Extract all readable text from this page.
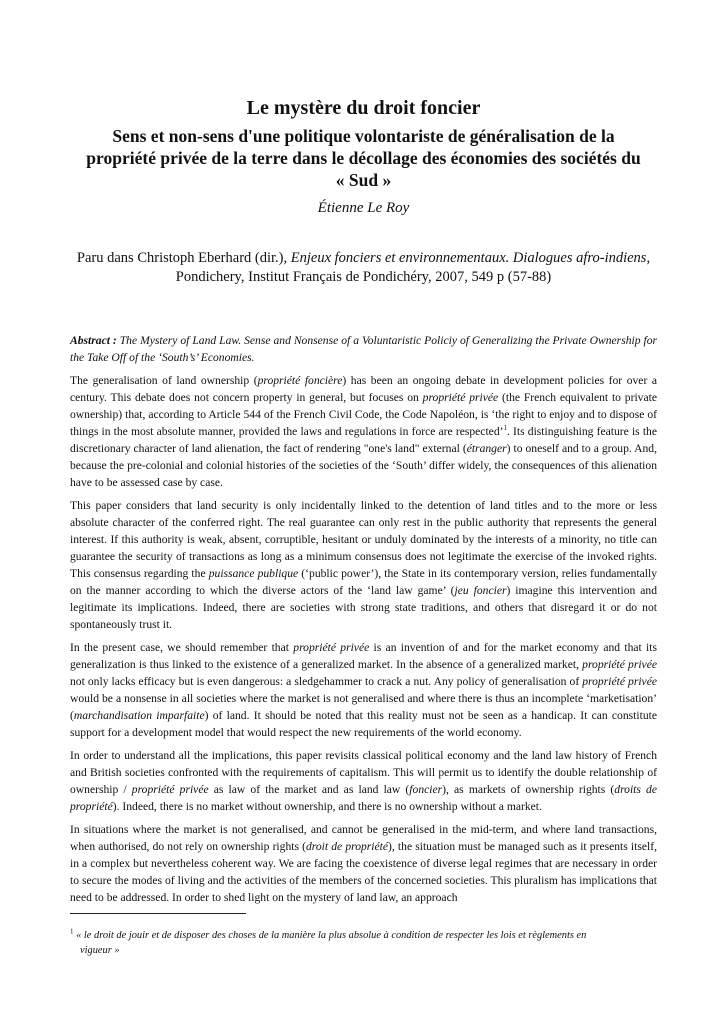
Le mystère du droit foncier
Sens et non-sens d'une politique volontariste de généralisation de la
propriété privée de la terre dans le décollage des économies des sociétés du
« Sud »
Étienne Le Roy
Paru dans Christoph Eberhard (dir.), Enjeux fonciers et environnementaux. Dialogues afro-indiens, Pondichery, Institut Français de Pondichéry, 2007, 549 p (57-88)

Abstract : The Mystery of Land Law. Sense and Nonsense of a Voluntaristic Policiy of Generalizing the Private Ownership for the Take Off of the ‘South’s’ Economies.

The generalisation of land ownership (propriété foncière) has been an ongoing debate in development policies for over a century. This debate does not concern property in general, but focuses on propriété privée (the French equivalent to private ownership) that, according to Article 544 of the French Civil Code, the Code Napoléon, is ‘the right to enjoy and to dispose of things in the most absolute manner, provided the laws and regulations in force are respected’$^1$. Its distinguishing feature is the discretionary character of land alienation, the fact of rendering "one's land" external (étranger) to oneself and to a group. And, because the pre-colonial and colonial histories of the societies of the ‘South’ differ widely, the consequences of this alienation have to be assessed case by case.

This paper considers that land security is only incidentally linked to the detention of land titles and to the more or less absolute character of the conferred right. The real guarantee can only rest in the public authority that represents the general interest. If this authority is weak, absent, corruptible, hesitant or unduly dominated by the interests of a minority, no title can guarantee the security of transactions as long as a minimum consensus does not legitimate the exercise of the invoked rights. This consensus regarding the puissance publique (‘public power’), the State in its contemporary version, relies fundamentally on the manner according to which the diverse actors of the ‘land law game’ (jeu foncier) imagine this intervention and legitimate its implications. Indeed, there are societies with strong state traditions, and others that disregard it or do not spontaneously trust it.

In the present case, we should remember that propriété privée is an invention of and for the market economy and that its generalization is thus linked to the existence of a generalized market. In the absence of a generalized market, propriété privée not only lacks efficacy but is even dangerous: a sledgehammer to crack a nut. Any policy of generalisation of propriété privée would be a nonsense in all societies where the market is not generalised and where there is thus an incomplete ‘marketisation’ (marchandisation imparfaite) of land. It should be noted that this reality must not be seen as a handicap. It can constitute support for a development model that would respect the new requirements of the world economy.

In order to understand all the implications, this paper revisits classical political economy and the land law history of French and British societies confronted with the requirements of capitalism. This will permit us to identify the double relationship of ownership / propriété privée as law of the market and as land law (foncier), as markets of ownership rights (droits de propriété). Indeed, there is no market without ownership, and there is no ownership without a market.

In situations where the market is not generalised, and cannot be generalised in the mid-term, and where land transactions, when authorised, do not rely on ownership rights (droit de propriété), the situation must be managed such as it presents itself, in a complex but nevertheless coherent way. We are facing the coexistence of diverse legal regimes that are necessary in order to secure the modes of living and the activities of the members of the concerned societies. This pluralism has implications that need to be addressed. In order to shed light on the mystery of land law, an approach

$^1$ « le droit de jouir et de disposer des choses de la manière la plus absolue à condition de respecter les lois et règlements en
vigueur »
